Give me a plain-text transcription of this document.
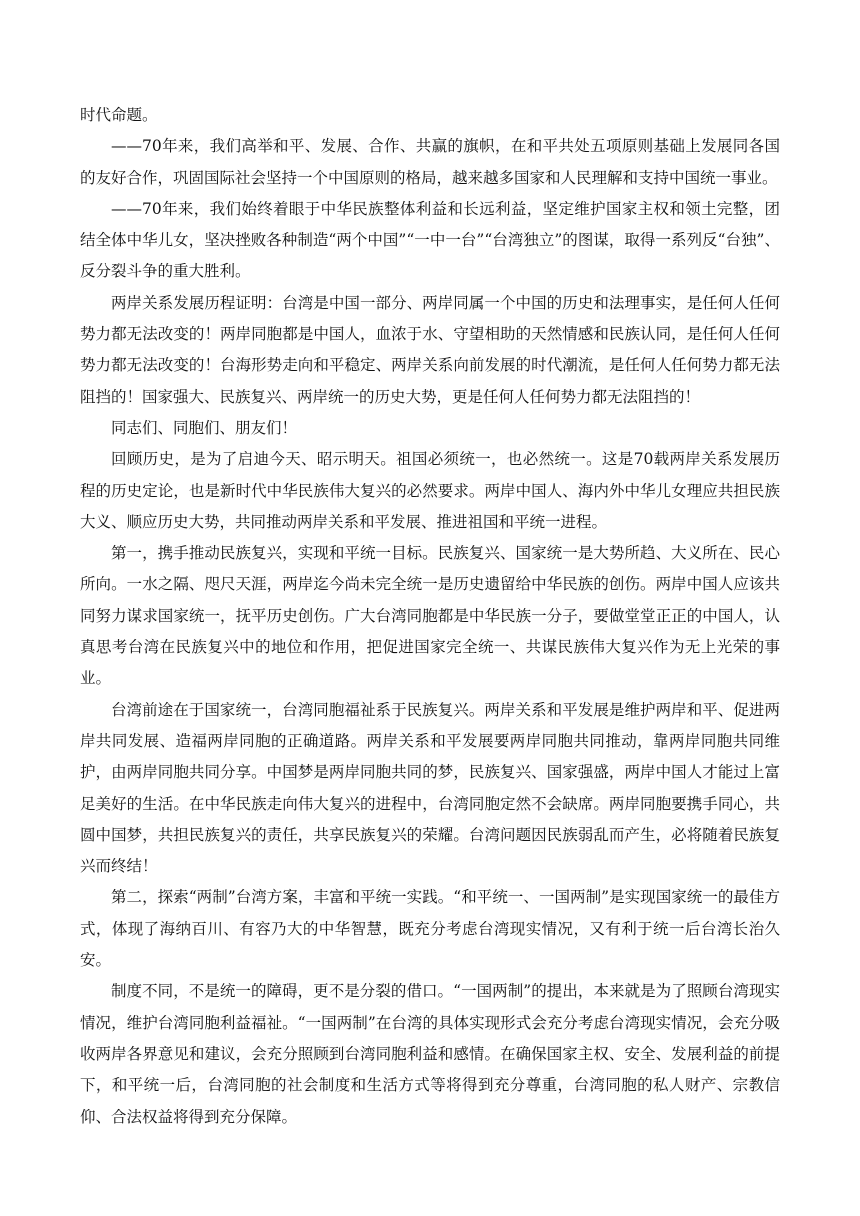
时代命题。

——70年来，我们高举和平、发展、合作、共赢的旗帜，在和平共处五项原则基础上发展同各国的友好合作，巩固国际社会坚持一个中国原则的格局，越来越多国家和人民理解和支持中国统一事业。

——70年来，我们始终着眼于中华民族整体利益和长远利益，坚定维护国家主权和领土完整，团结全体中华儿女，坚决挫败各种制造“两个中国”“一中一台”“台湾独立”的图谋，取得一系列反“台独”、反分裂斗争的重大胜利。

两岸关系发展历程证明：台湾是中国一部分、两岸同属一个中国的历史和法理事实，是任何人任何势力都无法改变的！两岸同胞都是中国人，血浓于水、守望相助的天然情感和民族认同，是任何人任何势力都无法改变的！台海形势走向和平稳定、两岸关系向前发展的时代潮流，是任何人任何势力都无法阻挡的！国家强大、民族复兴、两岸统一的历史大势，更是任何人任何势力都无法阻挡的！

同志们、同胞们、朋友们！

回顾历史，是为了启迪今天、昭示明天。祖国必须统一，也必然统一。这是70载两岸关系发展历程的历史定论，也是新时代中华民族伟大复兴的必然要求。两岸中国人、海内外中华儿女理应共担民族大义、顺应历史大势，共同推动两岸关系和平发展、推进祖国和平统一进程。

第一，携手推动民族复兴，实现和平统一目标。民族复兴、国家统一是大势所趋、大义所在、民心所向。一水之隔、咫尺天涯，两岸迄今尚未完全统一是历史遗留给中华民族的创伤。两岸中国人应该共同努力谋求国家统一，抚平历史创伤。广大台湾同胞都是中华民族一分子，要做堂堂正正的中国人，认真思考台湾在民族复兴中的地位和作用，把促进国家完全统一、共谋民族伟大复兴作为无上光荣的事业。

台湾前途在于国家统一，台湾同胞福祉系于民族复兴。两岸关系和平发展是维护两岸和平、促进两岸共同发展、造福两岸同胞的正确道路。两岸关系和平发展要两岸同胞共同推动，靠两岸同胞共同维护，由两岸同胞共同分享。中国梦是两岸同胞共同的梦，民族复兴、国家强盛，两岸中国人才能过上富足美好的生活。在中华民族走向伟大复兴的进程中，台湾同胞定然不会缺席。两岸同胞要携手同心，共圆中国梦，共担民族复兴的责任，共享民族复兴的荣耀。台湾问题因民族弱乱而产生，必将随着民族复兴而终结！

第二，探索“两制”台湾方案，丰富和平统一实践。“和平统一、一国两制”是实现国家统一的最佳方式，体现了海纳百川、有容乃大的中华智慧，既充分考虑台湾现实情况，又有利于统一后台湾长治久安。

制度不同，不是统一的障碍，更不是分裂的借口。“一国两制”的提出，本来就是为了照顾台湾现实情况，维护台湾同胞利益福祉。“一国两制”在台湾的具体实现形式会充分考虑台湾现实情况，会充分吸收两岸各界意见和建议，会充分照顾到台湾同胞利益和感情。在确保国家主权、安全、发展利益的前提下，和平统一后，台湾同胞的社会制度和生活方式等将得到充分尊重，台湾同胞的私人财产、宗教信仰、合法权益将得到充分保障。
